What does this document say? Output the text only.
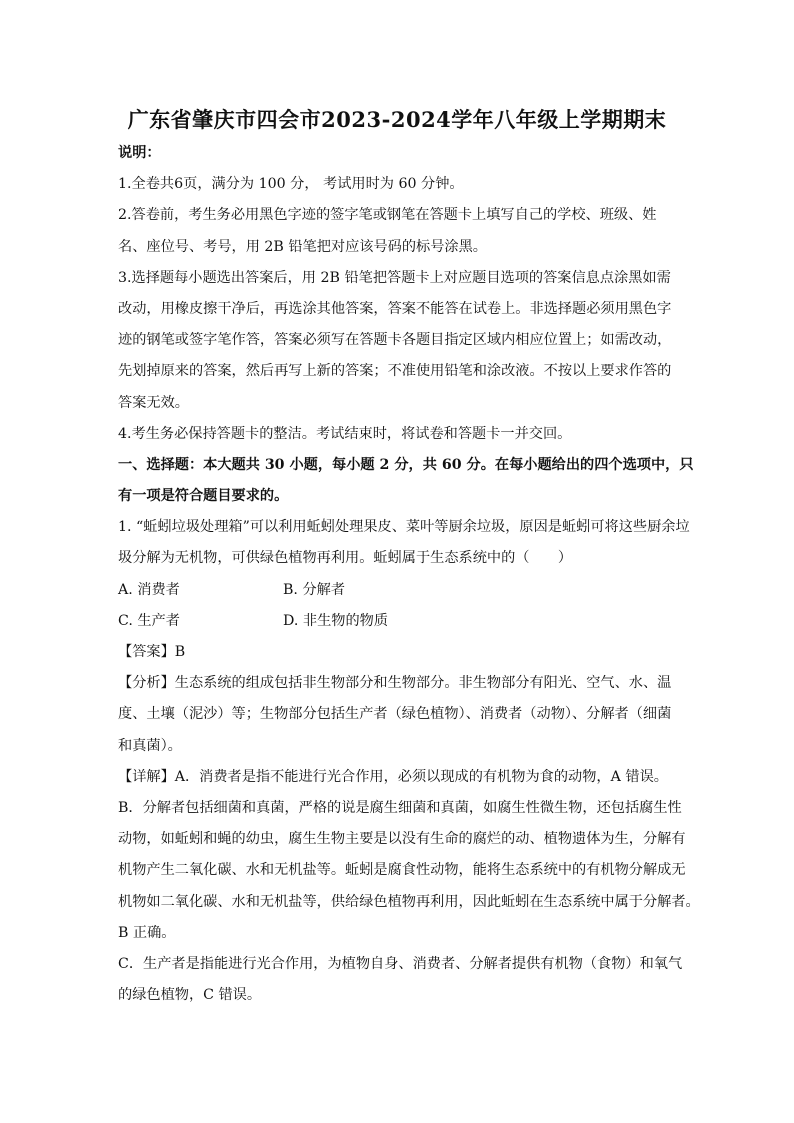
广东省肇庆市四会市2023-2024学年八年级上学期期末
说明：
1.全卷共6页，满分为 100 分， 考试用时为 60 分钟。
2.答卷前，考生务必用黑色字迹的签字笔或钢笔在答题卡上填写自己的学校、班级、姓
名、座位号、考号，用 2B 铅笔把对应该号码的标号涂黑。
3.选择题每小题选出答案后，用 2B 铅笔把答题卡上对应题目选项的答案信息点涂黑如需
改动，用橡皮擦干净后，再选涂其他答案，答案不能答在试卷上。非选择题必须用黑色字
迹的钢笔或签字笔作答，答案必须写在答题卡各题目指定区域内相应位置上；如需改动，
先划掉原来的答案，然后再写上新的答案；不准使用铅笔和涂改液。不按以上要求作答的
答案无效。
4.考生务必保持答题卡的整洁。考试结束时，将试卷和答题卡一并交回。
一、选择题：本大题共 30 小题，每小题 2 分，共 60 分。在每小题给出的四个选项中，只
有一项是符合题目要求的。
1. “蚯蚓垃圾处理箱”可以利用蚯蚓处理果皮、菜叶等厨余垃圾，原因是蚯蚓可将这些厨余垃
圾分解为无机物，可供绿色植物再利用。蚯蚓属于生态系统中的（　　）
A. 消费者	B. 分解者
C. 生产者	D. 非生物的物质
【答案】B
【分析】生态系统的组成包括非生物部分和生物部分。非生物部分有阳光、空气、水、温
度、土壤（泥沙）等；生物部分包括生产者（绿色植物）、消费者（动物）、分解者（细菌
和真菌）。
【详解】A．消费者是指不能进行光合作用，必须以现成的有机物为食的动物，A 错误。
B．分解者包括细菌和真菌，严格的说是腐生细菌和真菌，如腐生性微生物，还包括腐生性
动物，如蚯蚓和蝇的幼虫，腐生生物主要是以没有生命的腐烂的动、植物遗体为生，分解有
机物产生二氧化碳、水和无机盐等。蚯蚓是腐食性动物，能将生态系统中的有机物分解成无
机物如二氧化碳、水和无机盐等，供给绿色植物再利用，因此蚯蚓在生态系统中属于分解者。
B 正确。
C．生产者是指能进行光合作用，为植物自身、消费者、分解者提供有机物（食物）和氧气
的绿色植物，C 错误。
